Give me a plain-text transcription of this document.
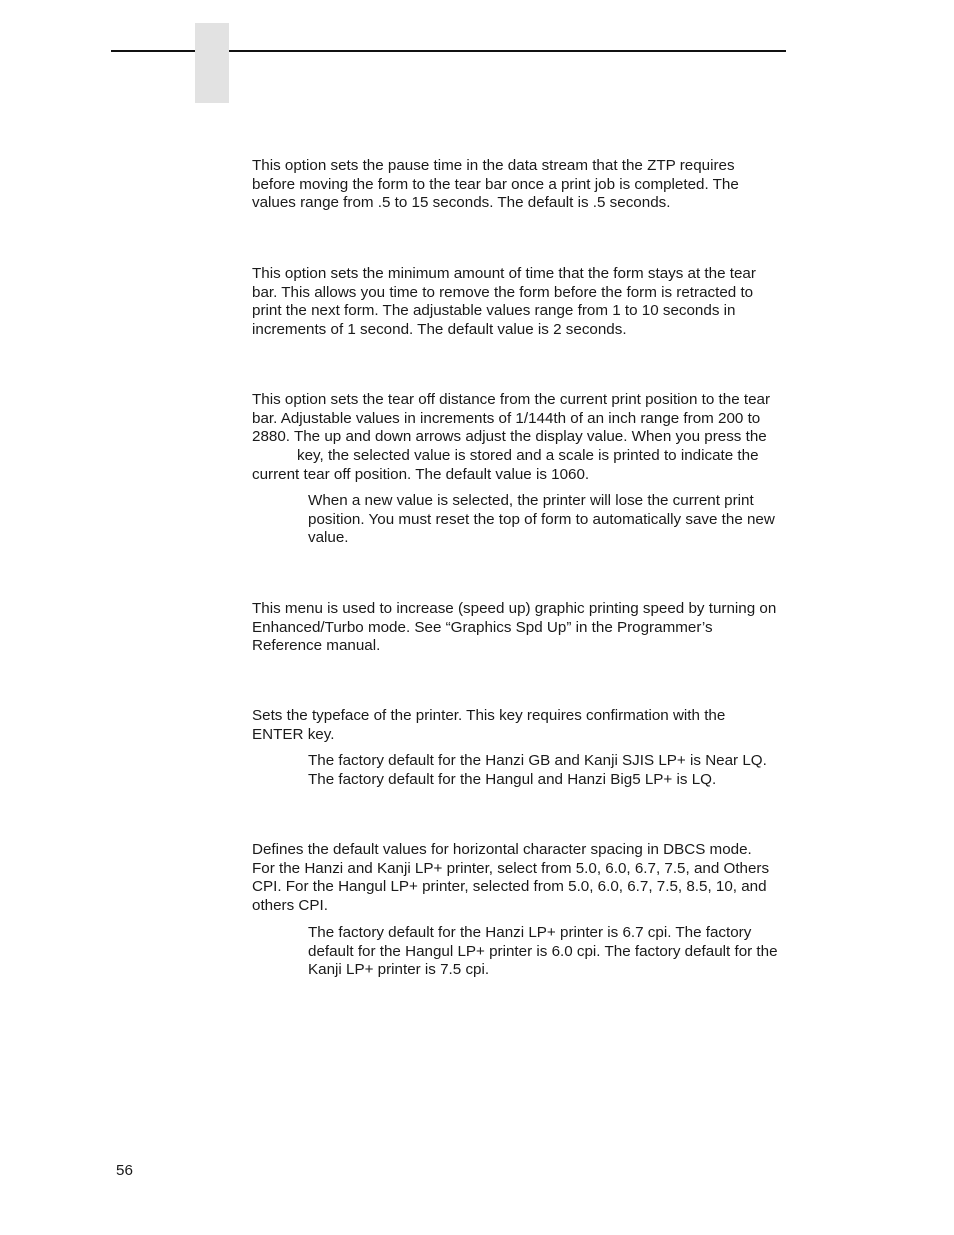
This option sets the pause time in the data stream that the ZTP requires
before moving the form to the tear bar once a print job is completed. The
values range from .5 to 15 seconds. The default is .5 seconds.
This option sets the minimum amount of time that the form stays at the tear
bar. This allows you time to remove the form before the form is retracted to
print the next form. The adjustable values range from 1 to 10 seconds in
increments of 1 second. The default value is 2 seconds.
This option sets the tear off distance from the current print position to the tear
bar. Adjustable values in increments of 1/144th of an inch range from 200 to
2880. The up and down arrows adjust the display value. When you press the
key, the selected value is stored and a scale is printed to indicate the
current tear off position. The default value is 1060.
When a new value is selected, the printer will lose the current print
position. You must reset the top of form to automatically save the new
value.
This menu is used to increase (speed up) graphic printing speed by turning on
Enhanced/Turbo mode. See “Graphics Spd Up” in the Programmer’s
Reference manual.
Sets the typeface of the printer. This key requires confirmation with the
ENTER key.
The factory default for the Hanzi GB and Kanji SJIS LP+ is Near LQ.
The factory default for the Hangul and Hanzi Big5 LP+ is LQ.
Defines the default values for horizontal character spacing in DBCS mode.
For the Hanzi and Kanji LP+ printer, select from 5.0, 6.0, 6.7, 7.5, and Others
CPI. For the Hangul LP+ printer, selected from 5.0, 6.0, 6.7, 7.5, 8.5, 10, and
others CPI.
The factory default for the Hanzi LP+ printer is 6.7 cpi. The factory
default for the Hangul LP+ printer is 6.0 cpi. The factory default for the
Kanji LP+ printer is 7.5 cpi.

56
